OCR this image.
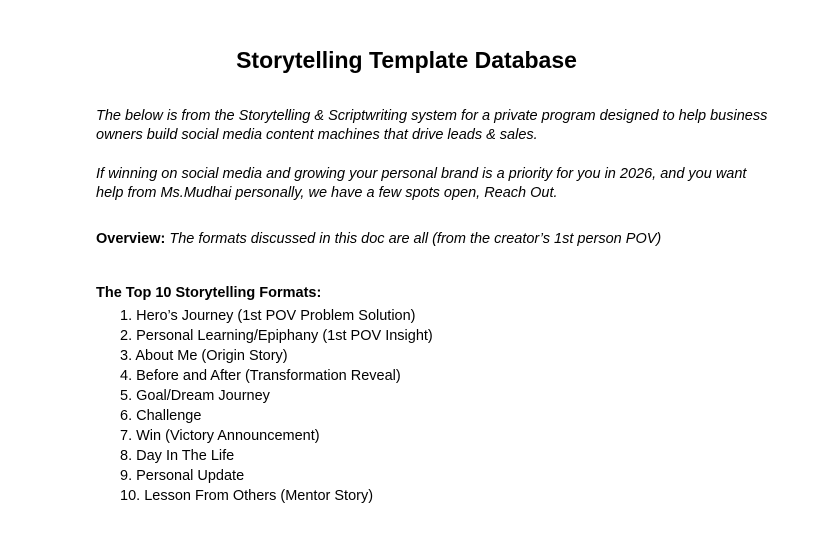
Storytelling Template Database

The below is from the Storytelling & Scriptwriting system for a private program designed to help business owners build social media content machines that drive leads & sales.

If winning on social media and growing your personal brand is a priority for you in 2026, and you want help from Ms.Mudhai personally, we have a few spots open, Reach Out.

Overview: The formats discussed in this doc are all (from the creator’s 1st person POV)

The Top 10 Storytelling Formats:

1. Hero’s Journey (1st POV Problem Solution)
2. Personal Learning/Epiphany (1st POV Insight)
3. About Me (Origin Story)
4. Before and After (Transformation Reveal)
5. Goal/Dream Journey
6. Challenge
7. Win (Victory Announcement)
8. Day In The Life
9. Personal Update
10. Lesson From Others (Mentor Story)
